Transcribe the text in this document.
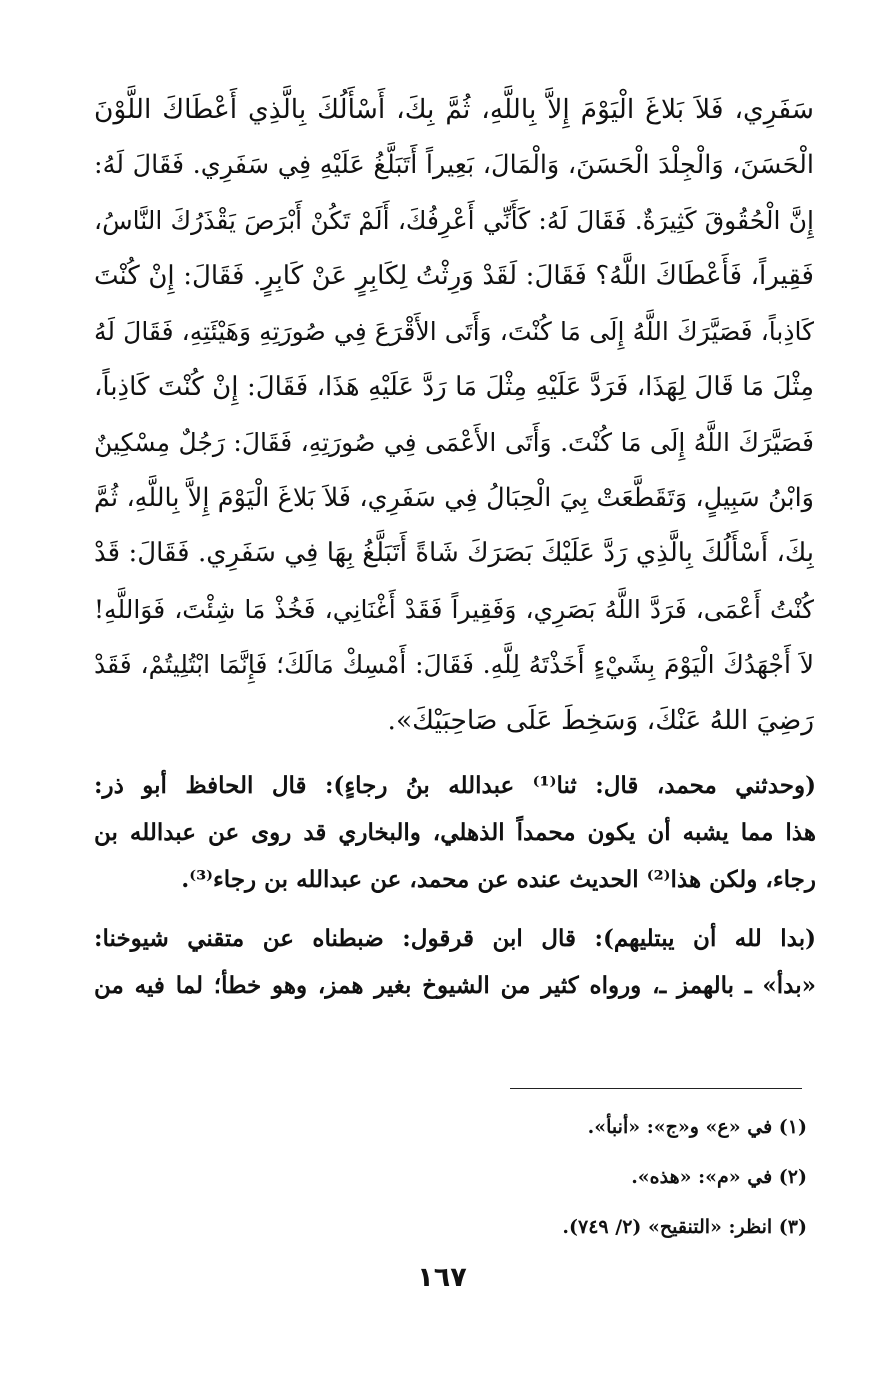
سَفَرِي، فَلاَ بَلاغَ الْيَوْمَ إِلاَّ بِاللَّهِ، ثُمَّ بِكَ، أَسْأَلُكَ بِالَّذِي أَعْطَاكَ اللَّوْنَ
الْحَسَنَ، وَالْجِلْدَ الْحَسَنَ، وَالْمَالَ، بَعِيراً أَتَبَلَّغُ عَلَيْهِ فِي سَفَرِي. فَقَالَ لَهُ:
إِنَّ الْحُقُوقَ كَثِيرَةٌ. فَقَالَ لَهُ: كَأَنِّي أَعْرِفُكَ، أَلَمْ تَكُنْ أَبْرَصَ يَقْذَرُكَ النَّاسُ،
فَقِيراً، فَأَعْطَاكَ اللَّهُ؟ فَقَالَ: لَقَدْ وَرِثْتُ لِكَابِرٍ عَنْ كَابِرٍ. فَقَالَ: إِنْ كُنْتَ
كَاذِباً، فَصَيَّرَكَ اللَّهُ إِلَى مَا كُنْتَ، وَأَتَى الأَقْرَعَ فِي صُورَتِهِ وَهَيْئَتِهِ، فَقَالَ لَهُ
مِثْلَ مَا قَالَ لِهَذَا، فَرَدَّ عَلَيْهِ مِثْلَ مَا رَدَّ عَلَيْهِ هَذَا، فَقَالَ: إِنْ كُنْتَ كَاذِباً،
فَصَيَّرَكَ اللَّهُ إِلَى مَا كُنْتَ. وَأَتَى الأَعْمَى فِي صُورَتِهِ، فَقَالَ: رَجُلٌ مِسْكِينٌ
وَابْنُ سَبِيلٍ، وَتَقَطَّعَتْ بِيَ الْحِبَالُ فِي سَفَرِي، فَلاَ بَلاغَ الْيَوْمَ إِلاَّ بِاللَّهِ، ثُمَّ
بِكَ، أَسْأَلُكَ بِالَّذِي رَدَّ عَلَيْكَ بَصَرَكَ شَاةً أَتَبَلَّغُ بِهَا فِي سَفَرِي. فَقَالَ: قَدْ
كُنْتُ أَعْمَى، فَرَدَّ اللَّهُ بَصَرِي، وَفَقِيراً فَقَدْ أَغْنَانِي، فَخُذْ مَا شِئْتَ، فَوَاللَّهِ!
لاَ أَجْهَدُكَ الْيَوْمَ بِشَيْءٍ أَخَذْتَهُ لِلَّهِ. فَقَالَ: أَمْسِكْ مَالَكَ؛ فَإِنَّمَا ابْتُلِيتُمْ، فَقَدْ
رَضِيَ اللهُ عَنْكَ، وَسَخِطَ عَلَى صَاحِبَيْكَ».
(وحدثني محمد، قال: ثنا⁽¹⁾ عبدالله بنُ رجاءٍ): قال الحافظ أبو ذر:
هذا مما يشبه أن يكون محمداً الذهلي، والبخاري قد روى عن عبدالله بن
رجاء، ولكن هذا⁽²⁾ الحديث عنده عن محمد، عن عبدالله بن رجاء⁽³⁾.
(بدا لله أن يبتليهم): قال ابن قرقول: ضبطناه عن متقني شيوخنا:
«بدأ» ـ بالهمز ـ، ورواه كثير من الشيوخ بغير همز، وهو خطأ؛ لما فيه من
(١) في «ع» و«ج»: «أنبأ».
(٢) في «م»: «هذه».
(٣) انظر: «التنقيح» (٢/ ٧٤٩).
١٦٧
